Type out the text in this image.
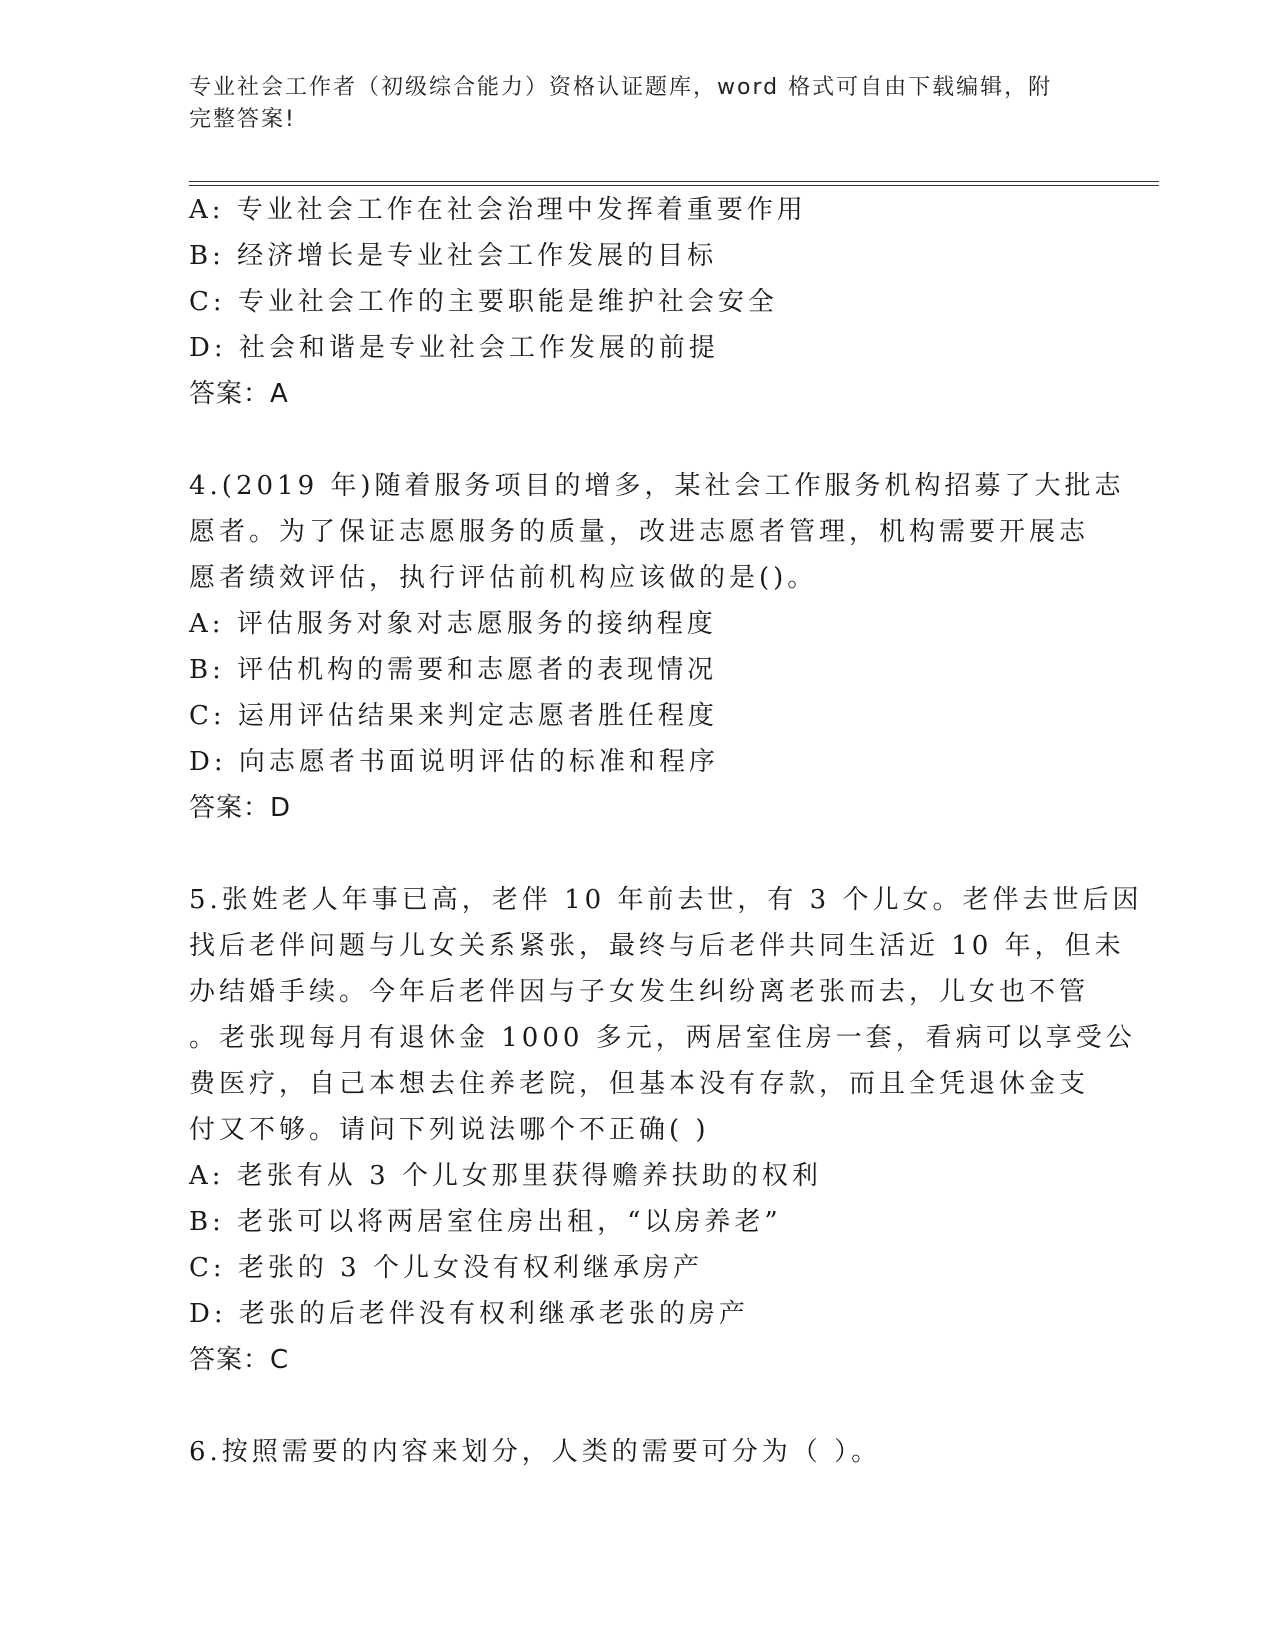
专业社会工作者（初级综合能力）资格认证题库，word 格式可自由下载编辑，附
完整答案!
A: 专业社会工作在社会治理中发挥着重要作用
B: 经济增长是专业社会工作发展的目标
C: 专业社会工作的主要职能是维护社会安全
D: 社会和谐是专业社会工作发展的前提
答案：A
4.(2019 年)随着服务项目的增多，某社会工作服务机构招募了大批志
愿者。为了保证志愿服务的质量，改进志愿者管理，机构需要开展志
愿者绩效评估，执行评估前机构应该做的是()。
A: 评估服务对象对志愿服务的接纳程度
B: 评估机构的需要和志愿者的表现情况
C: 运用评估结果来判定志愿者胜任程度
D: 向志愿者书面说明评估的标准和程序
答案：D
5.张姓老人年事已高，老伴 10 年前去世，有 3 个儿女。老伴去世后因
找后老伴问题与儿女关系紧张，最终与后老伴共同生活近 10 年，但未
办结婚手续。今年后老伴因与子女发生纠纷离老张而去，儿女也不管
。老张现每月有退休金 1000 多元，两居室住房一套，看病可以享受公
费医疗，自己本想去住养老院，但基本没有存款，而且全凭退休金支
付又不够。请问下列说法哪个不正确( )
A: 老张有从 3 个儿女那里获得赡养扶助的权利
B: 老张可以将两居室住房出租，“以房养老”
C: 老张的 3 个儿女没有权利继承房产
D: 老张的后老伴没有权利继承老张的房产
答案：C
6.按照需要的内容来划分，人类的需要可分为（ ）。
